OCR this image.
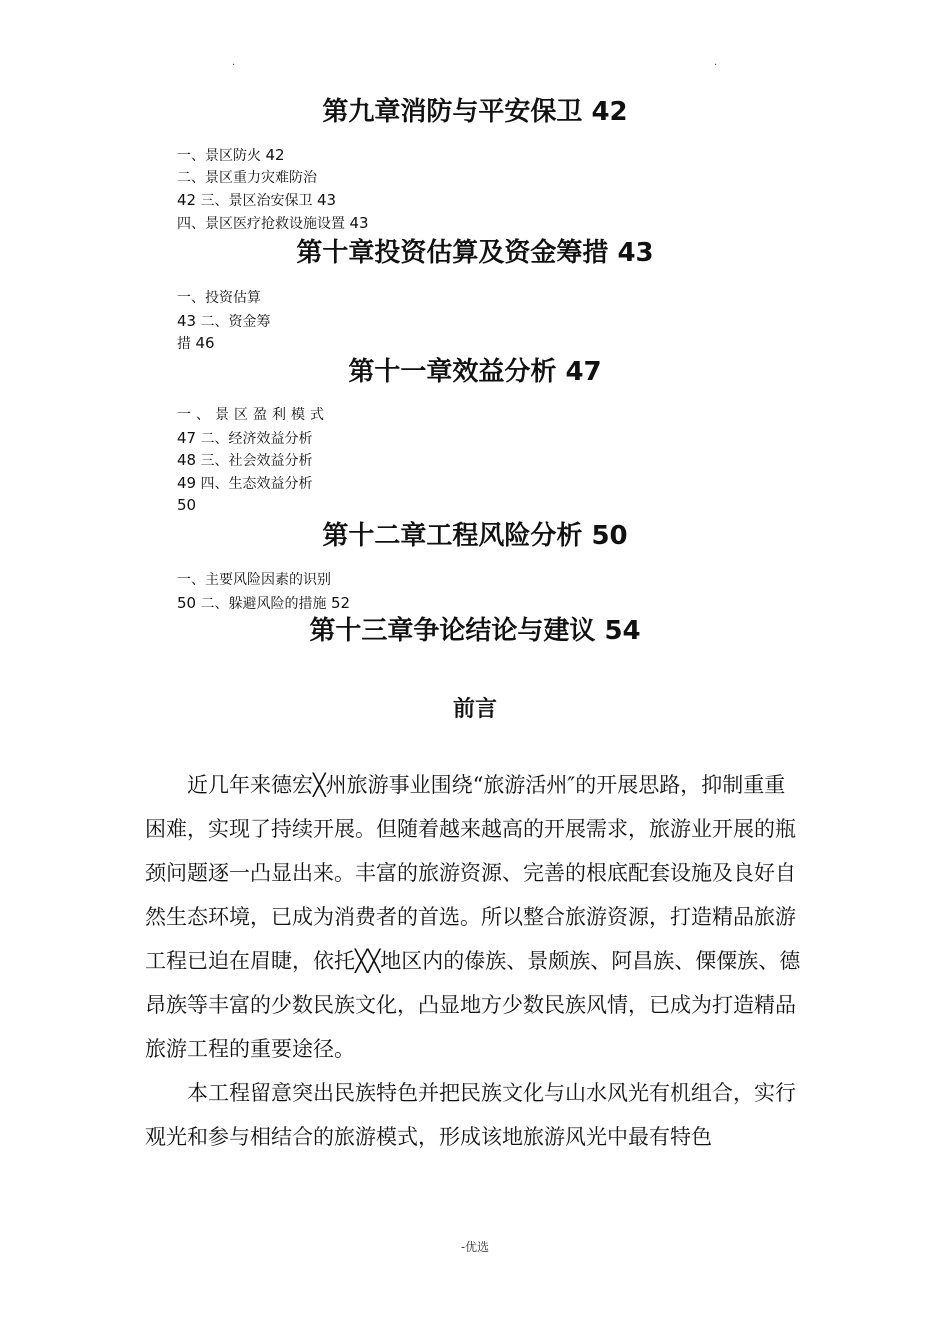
.	.
第九章消防与平安保卫 42
一、景区防火 42
二、景区重力灾难防治
42 三、景区治安保卫 43
四、景区医疗抢救设施设置 43
第十章投资估算及资金筹措 43
一、投资估算
43 二、资金筹
措 46
第十一章效益分析 47
一、景区盈利模式
47 二、经济效益分析
48 三、社会效益分析
49 四、生态效益分析
50
第十二章工程风险分析 50
一、主要风险因素的识别
50 二、躲避风险的措施 52
第十三章争论结论与建议 54
前言

近几年来德宏╳州旅游事业围绕“旅游活州″的开展思路，抑制重重困难，实现了持续开展。但随着越来越高的开展需求，旅游业开展的瓶颈问题逐一凸显出来。丰富的旅游资源、完善的根底配套设施及良好自然生态环境，已成为消费者的首选。所以整合旅游资源，打造精品旅游工程已迫在眉睫，依托╳╳地区内的傣族、景颇族、阿昌族、傈僳族、德昂族等丰富的少数民族文化，凸显地方少数民族风情，已成为打造精品旅游工程的重要途径。

本工程留意突出民族特色并把民族文化与山水风光有机组合，实行观光和参与相结合的旅游模式，形成该地旅游风光中最有特色

-优选
